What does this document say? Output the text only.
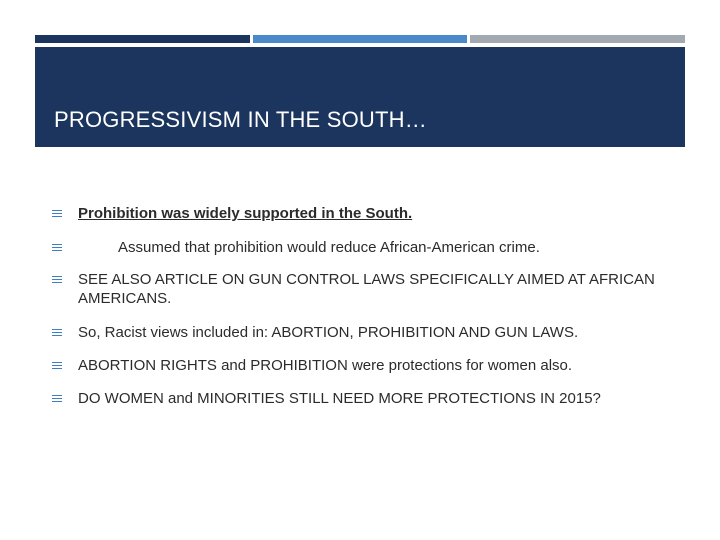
PROGRESSIVISM IN THE SOUTH…
Prohibition was widely supported in the South.
Assumed that prohibition would reduce African-American crime.
SEE ALSO ARTICLE ON GUN CONTROL LAWS SPECIFICALLY AIMED AT AFRICAN AMERICANS.
So, Racist views included in: ABORTION, PROHIBITION AND GUN LAWS.
ABORTION RIGHTS and PROHIBITION were protections for women also.
DO WOMEN and MINORITIES STILL NEED MORE PROTECTIONS IN 2015?
